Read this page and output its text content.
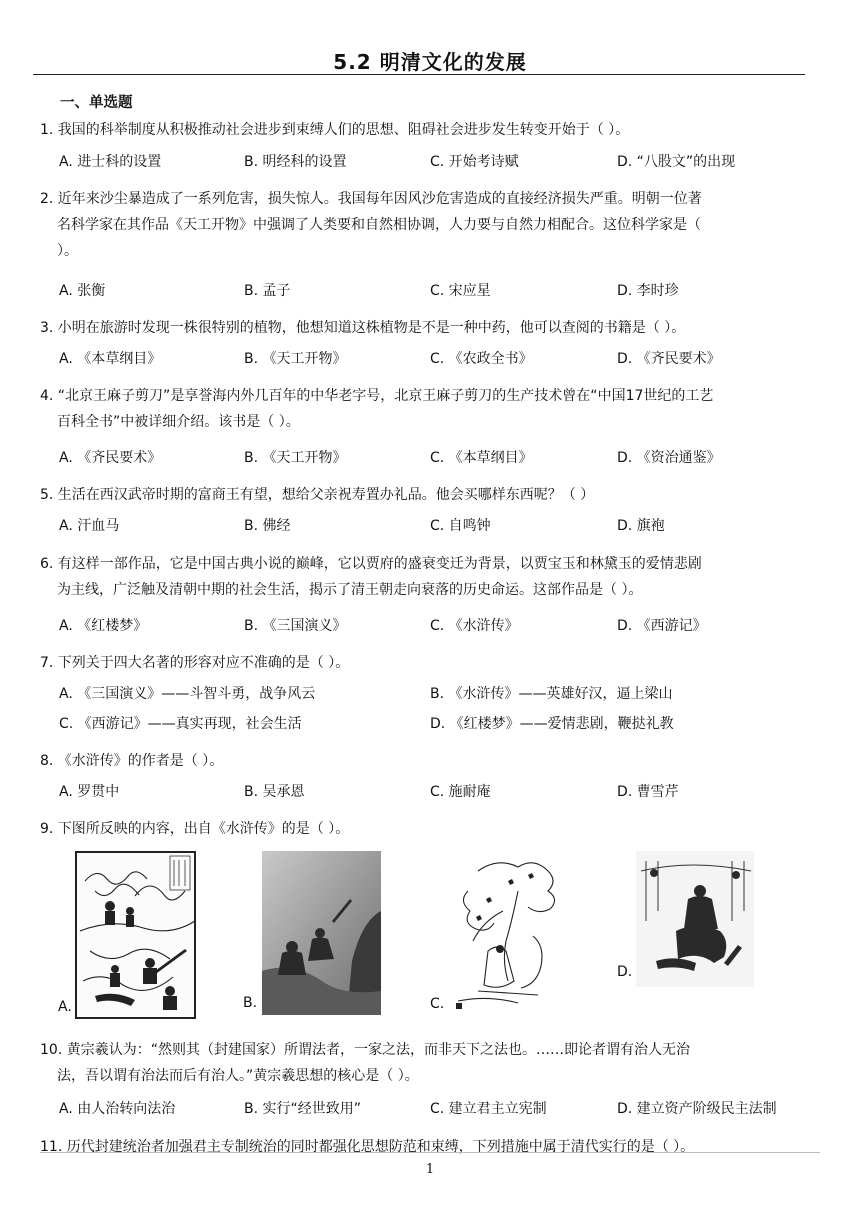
5.2 明清文化的发展
一、单选题
1. 我国的科举制度从积极推动社会进步到束缚人们的思想、阻碍社会进步发生转变开始于（ ）。
A. 进士科的设置	B. 明经科的设置	C. 开始考诗赋	D. “八股文”的出现
2. 近年来沙尘暴造成了一系列危害，损失惊人。我国每年因风沙危害造成的直接经济损失严重。明朝一位著
名科学家在其作品《天工开物》中强调了人类要和自然相协调，人力要与自然力相配合。这位科学家是（
）。
A. 张衡	B. 孟子	C. 宋应星	D. 李时珍
3. 小明在旅游时发现一株很特别的植物，他想知道这株植物是不是一种中药，他可以查阅的书籍是（ ）。
A. 《本草纲目》	B. 《天工开物》	C. 《农政全书》	D. 《齐民要术》
4. “北京王麻子剪刀”是享誉海内外几百年的中华老字号，北京王麻子剪刀的生产技术曾在“中国17世纪的工艺
百科全书”中被详细介绍。该书是（ ）。
A. 《齐民要术》	B. 《天工开物》	C. 《本草纲目》	D. 《资治通鉴》
5. 生活在西汉武帝时期的富商王有望，想给父亲祝寿置办礼品。他会买哪样东西呢？（ ）
A. 汗血马	B. 佛经	C. 自鸣钟	D. 旗袍
6. 有这样一部作品，它是中国古典小说的巅峰，它以贾府的盛衰变迁为背景，以贾宝玉和林黛玉的爱情悲剧
为主线，广泛触及清朝中期的社会生活，揭示了清王朝走向衰落的历史命运。这部作品是（ ）。
A. 《红楼梦》	B. 《三国演义》	C. 《水浒传》	D. 《西游记》
7. 下列关于四大名著的形容对应不准确的是（ ）。
A. 《三国演义》——斗智斗勇，战争风云	B. 《水浒传》——英雄好汉，逼上梁山
C. 《西游记》——真实再现，社会生活	D. 《红楼梦》——爱情悲剧，鞭挞礼教
8. 《水浒传》的作者是（ ）。
A. 罗贯中	B. 吴承恩	C. 施耐庵	D. 曹雪芹
9. 下图所反映的内容，出自《水浒传》的是（ ）。
A.	B.	C.
D.
10. 黄宗羲认为：“然则其（封建国家）所谓法者，一家之法，而非天下之法也。……即论者谓有治人无治
法，吾以谓有治法而后有治人。”黄宗羲思想的核心是（ ）。
A. 由人治转向法治	B. 实行“经世致用”	C. 建立君主立宪制	D. 建立资产阶级民主法制
11. 历代封建统治者加强君主专制统治的同时都强化思想防范和束缚，下列措施中属于清代实行的是（ ）。
1
